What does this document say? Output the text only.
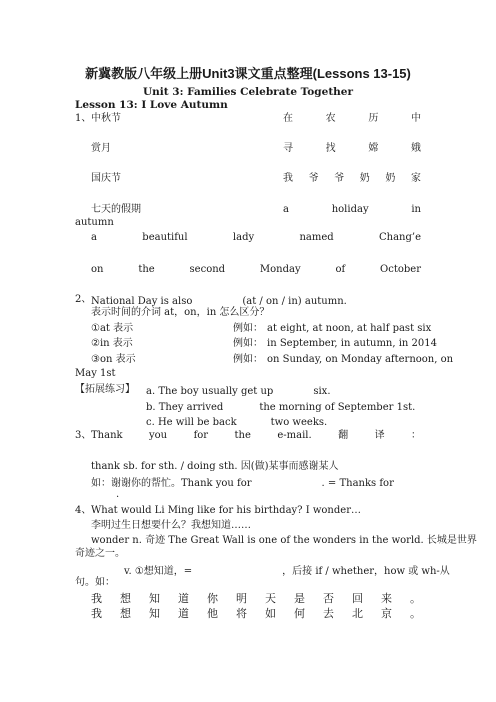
新冀教版八年级上册Unit3课文重点整理(Lessons 13-15)
Unit 3: Families Celebrate Together
Lesson 13: I Love Autumn
1、 中秋节	在	农	历	中
赏月	寻	找	嫦	娥
国庆节	我 爷 爷 奶 奶 家
七天的假期	a	holiday	in
autumn
a	beautiful	lady	named	Chang’e
on	the	second	Monday	of	October
2、 National Day is also	(at / on / in) autumn.
表示时间的介词 at，on，in 怎么区分？
①at 表示	例如： at eight, at noon, at half past six
②in 表示	例如： in September, in autumn, in 2014
③on 表示	例如： on Sunday, on Monday afternoon, on
May 1st
【拓展练习】 a. The boy usually get up	six.
b. They arrived	the morning of September 1st.
c. He will be back	two weeks.
3、 Thank	you	for	the	e-mail.	翻	译	：
thank sb. for sth. / doing sth. 因(做)某事而感谢某人
如：谢谢你的帮忙。Thank you for	. = Thanks for
.
4、 What would Li Ming like for his birthday? I wonder…
李明过生日想要什么？我想知道……
wonder n. 奇迹 The Great Wall is one of the wonders in the world. 长城是世界
奇迹之一。
v. ①想知道，=	，后接 if / whether，how 或 wh-从
句。如：
我 想 知 道 你 明 天 是 否 回 来 。
我 想 知 道 他 将 如 何 去 北 京 。
